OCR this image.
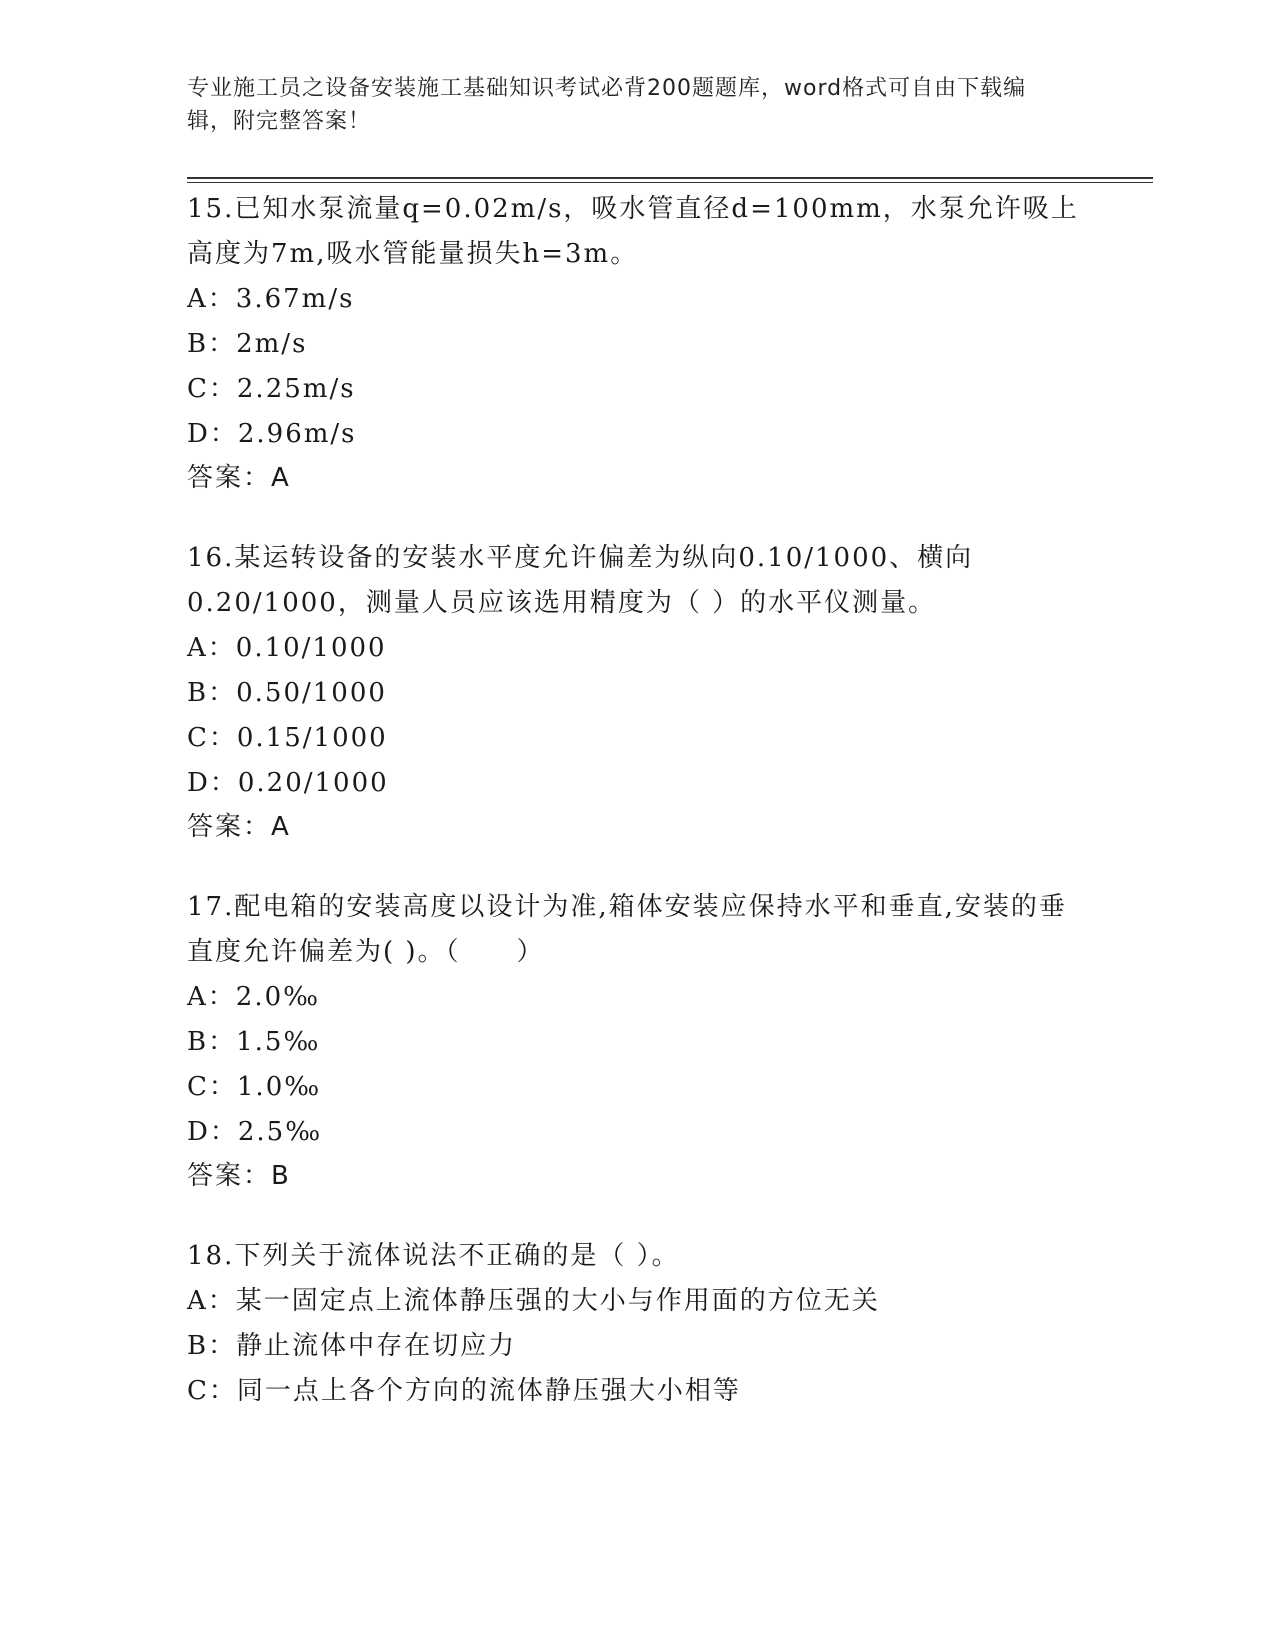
专业施工员之设备安装施工基础知识考试必背200题题库，word格式可自由下载编辑，附完整答案！

15.已知水泵流量q=0.02m/s，吸水管直径d=100mm，水泵允许吸上高度为7m,吸水管能量损失h=3m。

A：3.67m/s

B：2m/s

C：2.25m/s

D：2.96m/s

答案：A

16.某运转设备的安装水平度允许偏差为纵向0.10/1000、横向0.20/1000，测量人员应该选用精度为（ ）的水平仪测量。

A：0.10/1000

B：0.50/1000

C：0.15/1000

D：0.20/1000

答案：A

17.配电箱的安装高度以设计为准,箱体安装应保持水平和垂直,安装的垂直度允许偏差为( )。（　　）

A：2.0‰

B：1.5‰

C：1.0‰

D：2.5‰

答案：B

18.下列关于流体说法不正确的是（ ）。

A：某一固定点上流体静压强的大小与作用面的方位无关

B：静止流体中存在切应力

C：同一点上各个方向的流体静压强大小相等
